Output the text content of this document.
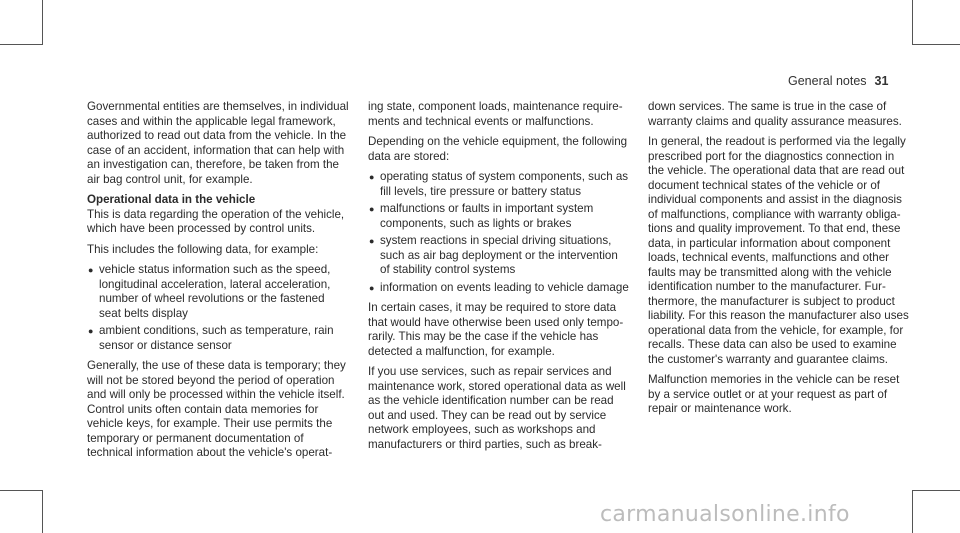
General notes 31

Governmental entities are themselves, in individual cases and within the applicable legal framework, authorized to read out data from the vehicle. In the case of an accident, information that can help with an investigation can, therefore, be taken from the air bag control unit, for example.

Operational data in the vehicle

This is data regarding the operation of the vehicle, which have been processed by control units.

This includes the following data, for example:

● vehicle status information such as the speed, longitudinal acceleration, lateral acceleration, number of wheel revolutions or the fastened seat belts display
● ambient conditions, such as temperature, rain sensor or distance sensor

Generally, the use of these data is temporary; they will not be stored beyond the period of operation and will only be processed within the vehicle itself. Control units often contain data memories for vehicle keys, for example. Their use permits the temporary or permanent documentation of technical information about the vehicle's operat-

ing state, component loads, maintenance requirements and technical events or malfunctions.

Depending on the vehicle equipment, the following data are stored:

● operating status of system components, such as fill levels, tire pressure or battery status
● malfunctions or faults in important system components, such as lights or brakes
● system reactions in special driving situations, such as air bag deployment or the intervention of stability control systems
● information on events leading to vehicle damage

In certain cases, it may be required to store data that would have otherwise been used only temporarily. This may be the case if the vehicle has detected a malfunction, for example.

If you use services, such as repair services and maintenance work, stored operational data as well as the vehicle identification number can be read out and used. They can be read out by service network employees, such as workshops and manufacturers or third parties, such as break-

down services. The same is true in the case of warranty claims and quality assurance measures.

In general, the readout is performed via the legally prescribed port for the diagnostics connection in the vehicle. The operational data that are read out document technical states of the vehicle or of individual components and assist in the diagnosis of malfunctions, compliance with warranty obligations and quality improvement. To that end, these data, in particular information about component loads, technical events, malfunctions and other faults may be transmitted along with the vehicle identification number to the manufacturer. Furthermore, the manufacturer is subject to product liability. For this reason the manufacturer also uses operational data from the vehicle, for example, for recalls. These data can also be used to examine the customer's warranty and guarantee claims.

Malfunction memories in the vehicle can be reset by a service outlet or at your request as part of repair or maintenance work.

carmanualsonline.info
